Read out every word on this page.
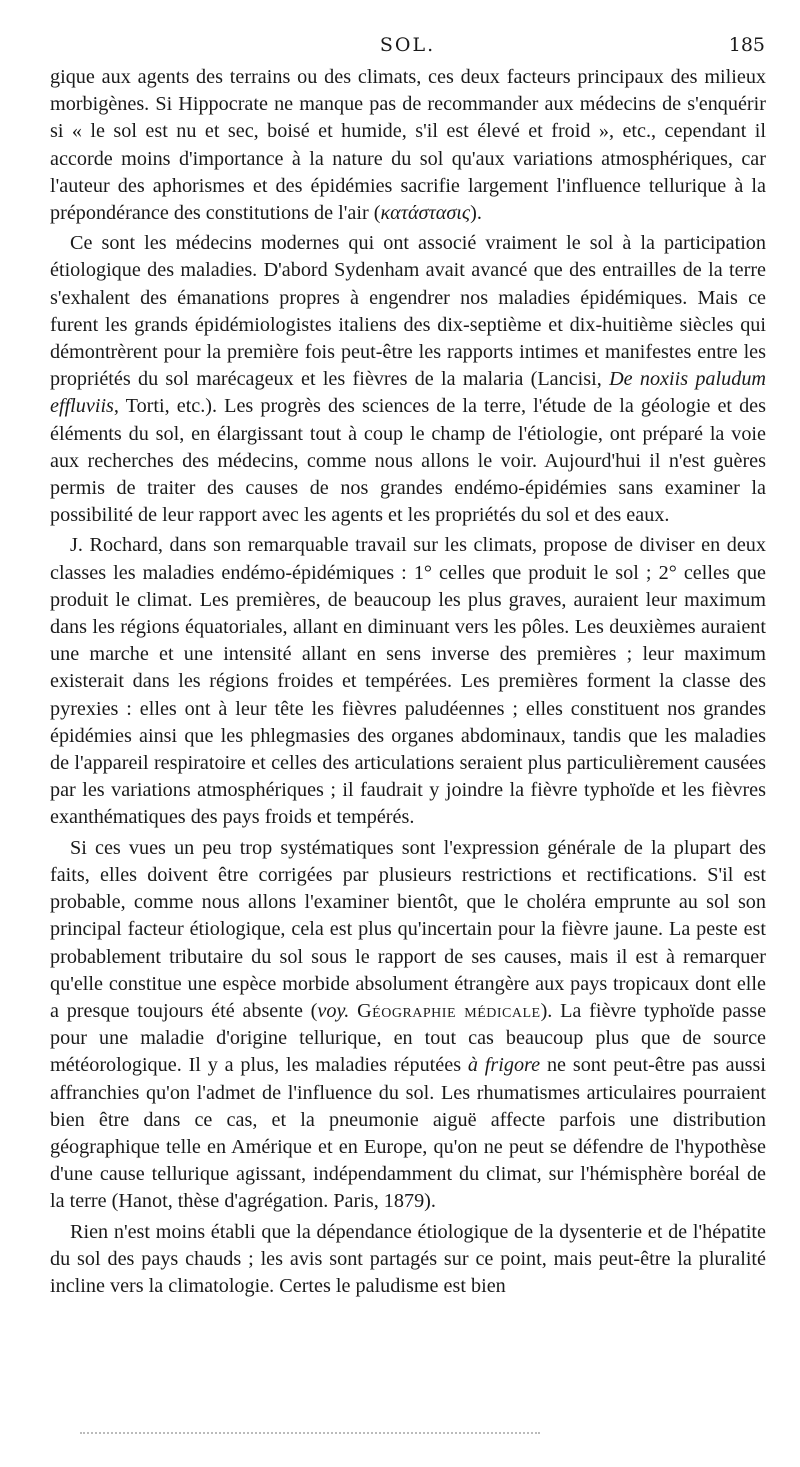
SOL.	185

gique aux agents des terrains ou des climats, ces deux facteurs principaux des milieux morbigènes. Si Hippocrate ne manque pas de recommander aux médecins de s'enquérir si « le sol est nu et sec, boisé et humide, s'il est élevé et froid », etc., cependant il accorde moins d'importance à la nature du sol qu'aux variations atmosphériques, car l'auteur des aphorismes et des épidémies sacrifie largement l'influence tellurique à la prépondérance des constitutions de l'air (κατάστασις).

Ce sont les médecins modernes qui ont associé vraiment le sol à la participation étiologique des maladies. D'abord Sydenham avait avancé que des entrailles de la terre s'exhalent des émanations propres à engendrer nos maladies épidémiques. Mais ce furent les grands épidémiologistes italiens des dix-septième et dix-huitième siècles qui démontrèrent pour la première fois peut-être les rapports intimes et manifestes entre les propriétés du sol marécageux et les fièvres de la malaria (Lancisi, De noxiis paludum effluviis, Torti, etc.). Les progrès des sciences de la terre, l'étude de la géologie et des éléments du sol, en élargissant tout à coup le champ de l'étiologie, ont préparé la voie aux recherches des médecins, comme nous allons le voir. Aujourd'hui il n'est guères permis de traiter des causes de nos grandes endémo-épidémies sans examiner la possibilité de leur rapport avec les agents et les propriétés du sol et des eaux.

J. Rochard, dans son remarquable travail sur les climats, propose de diviser en deux classes les maladies endémo-épidémiques : 1° celles que produit le sol ; 2° celles que produit le climat. Les premières, de beaucoup les plus graves, auraient leur maximum dans les régions équatoriales, allant en diminuant vers les pôles. Les deuxièmes auraient une marche et une intensité allant en sens inverse des premières ; leur maximum existerait dans les régions froides et tempérées. Les premières forment la classe des pyrexies : elles ont à leur tête les fièvres paludéennes ; elles constituent nos grandes épidémies ainsi que les phlegmasies des organes abdominaux, tandis que les maladies de l'appareil respiratoire et celles des articulations seraient plus particulièrement causées par les variations atmosphériques ; il faudrait y joindre la fièvre typhoïde et les fièvres exanthématiques des pays froids et tempérés.

Si ces vues un peu trop systématiques sont l'expression générale de la plupart des faits, elles doivent être corrigées par plusieurs restrictions et rectifications. S'il est probable, comme nous allons l'examiner bientôt, que le choléra emprunte au sol son principal facteur étiologique, cela est plus qu'incertain pour la fièvre jaune. La peste est probablement tributaire du sol sous le rapport de ses causes, mais il est à remarquer qu'elle constitue une espèce morbide absolument étrangère aux pays tropicaux dont elle a presque toujours été absente (voy. Géographie médicale). La fièvre typhoïde passe pour une maladie d'origine tellurique, en tout cas beaucoup plus que de source météorologique. Il y a plus, les maladies réputées à frigore ne sont peut-être pas aussi affranchies qu'on l'admet de l'influence du sol. Les rhumatismes articulaires pourraient bien être dans ce cas, et la pneumonie aiguë affecte parfois une distribution géographique telle en Amérique et en Europe, qu'on ne peut se défendre de l'hypothèse d'une cause tellurique agissant, indépendamment du climat, sur l'hémisphère boréal de la terre (Hanot, thèse d'agrégation. Paris, 1879).

Rien n'est moins établi que la dépendance étiologique de la dysenterie et de l'hépatite du sol des pays chauds ; les avis sont partagés sur ce point, mais peut-être la pluralité incline vers la climatologie. Certes le paludisme est bien
